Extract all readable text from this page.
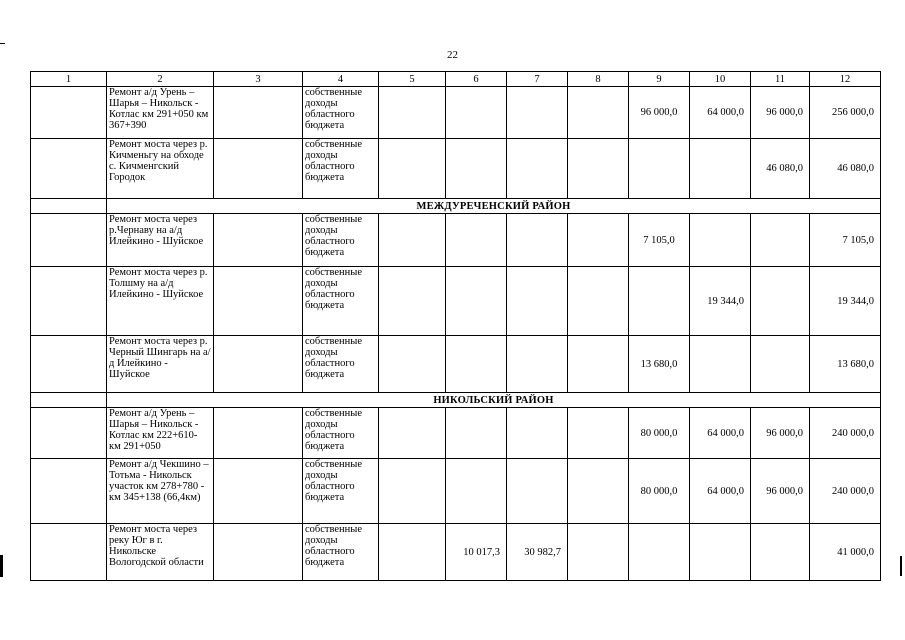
22
1	2	3	4	5	6	7	8	9	10	11	12
	Ремонт а/д Урень – Шарья – Никольск - Котлас км 291+050 км 367+390		собственные доходы областного бюджета					96 000,0	64 000,0	96 000,0	256 000,0
	Ремонт моста через р. Кичменьгу на обходе с. Кичменгский Городок		собственные доходы областного бюджета							46 080,0	46 080,0
	МЕЖДУРЕЧЕНСКИЙ РАЙОН										
	Ремонт моста через р.Чернаву на а/д Илейкино - Шуйское		собственные доходы областного бюджета					7 105,0			7 105,0
	Ремонт моста через р. Толшму на а/д Илейкино - Шуйское		собственные доходы областного бюджета						19 344,0		19 344,0
	Ремонт моста через р. Черный Шингарь на а/д Илейкино - Шуйское		собственные доходы областного бюджета					13 680,0			13 680,0
	НИКОЛЬСКИЙ РАЙОН										
	Ремонт а/д Урень – Шарья – Никольск - Котлас км 222+610- км 291+050		собственные доходы областного бюджета					80 000,0	64 000,0	96 000,0	240 000,0
	Ремонт а/д Чекшино – Тотьма - Никольск участок км 278+780 - км 345+138 (66,4км)		собственные доходы областного бюджета					80 000,0	64 000,0	96 000,0	240 000,0
	Ремонт моста через реку Юг в г. Никольске Вологодской области		собственные доходы областного бюджета		10 017,3	30 982,7					41 000,0
